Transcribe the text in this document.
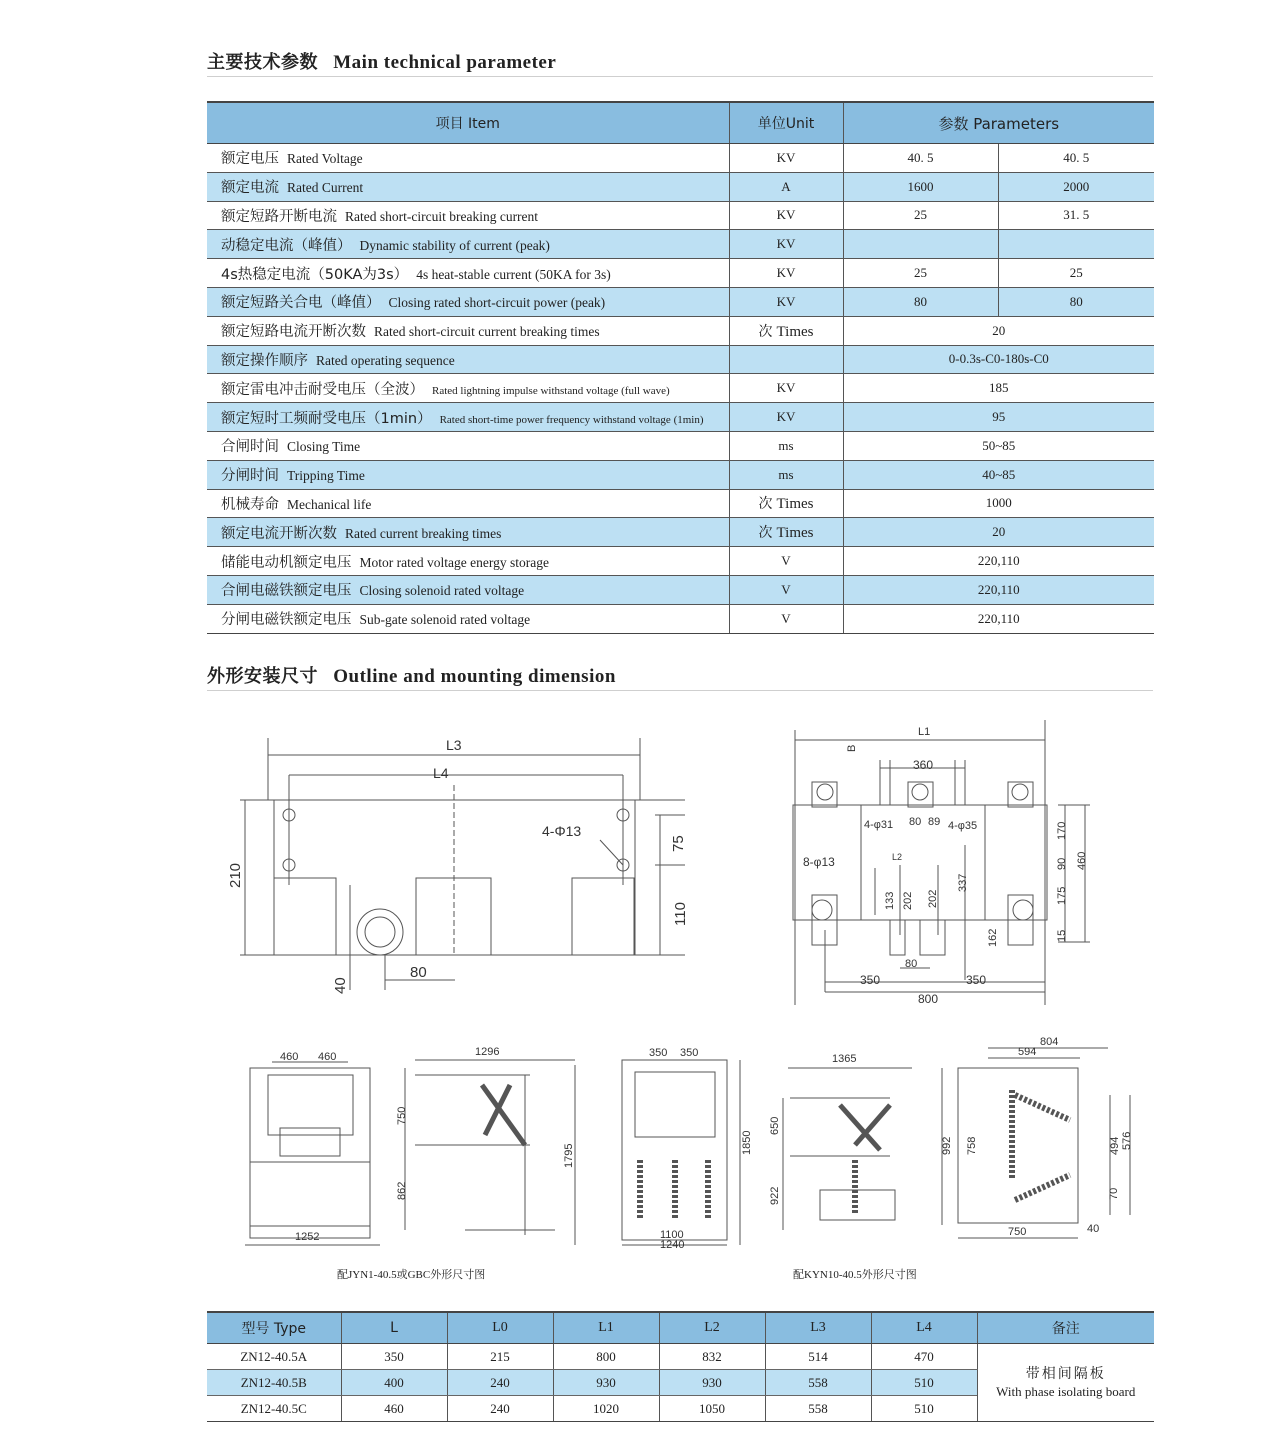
主要技术参数 Main technical parameter
项目 Item	单位Unit	参数 Parameters	
额定电压 Rated Voltage	KV	40. 5	40. 5
额定电流 Rated Current	A	1600	2000
额定短路开断电流 Rated short-circuit breaking current	KV	25	31. 5
动稳定电流（峰值） Dynamic stability of current (peak)	KV		
4s热稳定电流（50KA为3s） 4s heat-stable current (50KA for 3s)	KV	25	25
额定短路关合电（峰值） Closing rated short-circuit power (peak)	KV	80	80
额定短路电流开断次数 Rated short-circuit current breaking times	次 Times	20	
额定操作顺序 Rated operating sequence		0-0.3s-C0-180s-C0	
额定雷电冲击耐受电压（全波） Rated lightning impulse withstand voltage (full wave)	KV	185	
额定短时工频耐受电压（1min） Rated short-time power frequency withstand voltage (1min)	KV	95	
合闸时间 Closing Time	ms	50~85	
分闸时间 Tripping Time	ms	40~85	
机械寿命 Mechanical life	次 Times	1000	
额定电流开断次数 Rated current breaking times	次 Times	20	
储能电动机额定电压 Motor rated voltage energy storage	V	220,110	
合闸电磁铁额定电压 Closing solenoid rated voltage	V	220,110	
分闸电磁铁额定电压 Sub-gate solenoid rated voltage	V	220,110	
外形安装尺寸 Outline and mounting dimension
L3
L4
4-Φ13
210
75
110
40
80
L1
B
360
4-φ31 80 89 4-φ35
8-φ13	L2
170
90
175
460
15
162
337
202 202
133
80
350	350
800
460 460
1252
1296
750
862
1795
350 350
1850
1100
1240
1365
650
922
804
594
992 758	494 576
70
750	40
配JYN1-40.5或GBC外形尺寸图	配KYN10-40.5外形尺寸图
型号 Type	L	L0	L1	L2	L3	L4	备注
ZN12-40.5A	350	215	800	832	514	470	带相间隔板
With phase isolating board

ZN12-40.5B	400	240	930	930	558	510	
ZN12-40.5C	460	240	1020	1050	558	510	
